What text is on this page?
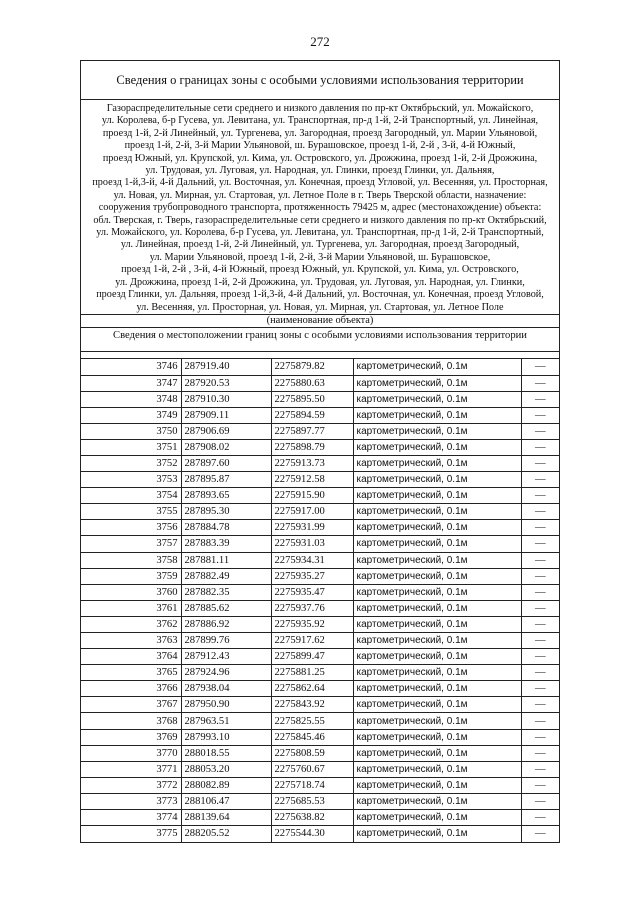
272
Сведения о границах зоны с особыми условиями использования территории
Газораспределительные сети среднего и низкого давления по пр-кт Октябрьский, ул. Можайского,
ул. Королева, б-р Гусева, ул. Левитана, ул. Транспортная, пр-д 1-й, 2-й Транспортный, ул. Линейная,
проезд 1-й, 2-й Линейный, ул. Тургенева, ул. Загородная, проезд Загородный, ул. Марии Ульяновой,
проезд 1-й, 2-й, 3-й Марии Ульяновой, ш. Бурашовское, проезд 1-й, 2-й , 3-й, 4-й Южный,
проезд Южный, ул. Крупской, ул. Кима, ул. Островского, ул. Дрожжина, проезд 1-й, 2-й Дрожжина,
ул. Трудовая, ул. Луговая, ул. Народная, ул. Глинки, проезд Глинки, ул. Дальняя,
проезд 1-й,3-й, 4-й Дальний, ул. Восточная, ул. Конечная, проезд Угловой, ул. Весенняя, ул. Просторная,
ул. Новая, ул. Мирная, ул. Стартовая, ул. Летное Поле в г. Тверь Тверской области, назначение:
сооружения трубопроводного транспорта, протяженность 79425 м, адрес (местонахождение) объекта:
обл. Тверская, г. Тверь, газораспределительные сети среднего и низкого давления по пр-кт Октябрьский,
ул. Можайского, ул. Королева, б-р Гусева, ул. Левитана, ул. Транспортная, пр-д 1-й, 2-й Транспортный,
ул. Линейная, проезд 1-й, 2-й Линейный, ул. Тургенева, ул. Загородная, проезд Загородный,
ул. Марии Ульяновой, проезд 1-й, 2-й, 3-й Марии Ульяновой, ш. Бурашовское,
проезд 1-й, 2-й , 3-й, 4-й Южный, проезд Южный, ул. Крупской, ул. Кима, ул. Островского,
ул. Дрожжина, проезд 1-й, 2-й Дрожжина, ул. Трудовая, ул. Луговая, ул. Народная, ул. Глинки,
проезд Глинки, ул. Дальняя, проезд 1-й,3-й, 4-й Дальний, ул. Восточная, ул. Конечная, проезд Угловой,
ул. Весенняя, ул. Просторная, ул. Новая, ул. Мирная, ул. Стартовая, ул. Летное Поле
(наименование объекта)
Сведения о местоположении границ зоны с особыми условиями использования территории
3746	287919.40	2275879.82	картометрический, 0.1м	—
3747	287920.53	2275880.63	картометрический, 0.1м	—
3748	287910.30	2275895.50	картометрический, 0.1м	—
3749	287909.11	2275894.59	картометрический, 0.1м	—
3750	287906.69	2275897.77	картометрический, 0.1м	—
3751	287908.02	2275898.79	картометрический, 0.1м	—
3752	287897.60	2275913.73	картометрический, 0.1м	—
3753	287895.87	2275912.58	картометрический, 0.1м	—
3754	287893.65	2275915.90	картометрический, 0.1м	—
3755	287895.30	2275917.00	картометрический, 0.1м	—
3756	287884.78	2275931.99	картометрический, 0.1м	—
3757	287883.39	2275931.03	картометрический, 0.1м	—
3758	287881.11	2275934.31	картометрический, 0.1м	—
3759	287882.49	2275935.27	картометрический, 0.1м	—
3760	287882.35	2275935.47	картометрический, 0.1м	—
3761	287885.62	2275937.76	картометрический, 0.1м	—
3762	287886.92	2275935.92	картометрический, 0.1м	—
3763	287899.76	2275917.62	картометрический, 0.1м	—
3764	287912.43	2275899.47	картометрический, 0.1м	—
3765	287924.96	2275881.25	картометрический, 0.1м	—
3766	287938.04	2275862.64	картометрический, 0.1м	—
3767	287950.90	2275843.92	картометрический, 0.1м	—
3768	287963.51	2275825.55	картометрический, 0.1м	—
3769	287993.10	2275845.46	картометрический, 0.1м	—
3770	288018.55	2275808.59	картометрический, 0.1м	—
3771	288053.20	2275760.67	картометрический, 0.1м	—
3772	288082.89	2275718.74	картометрический, 0.1м	—
3773	288106.47	2275685.53	картометрический, 0.1м	—
3774	288139.64	2275638.82	картометрический, 0.1м	—
3775	288205.52	2275544.30	картометрический, 0.1м	—
